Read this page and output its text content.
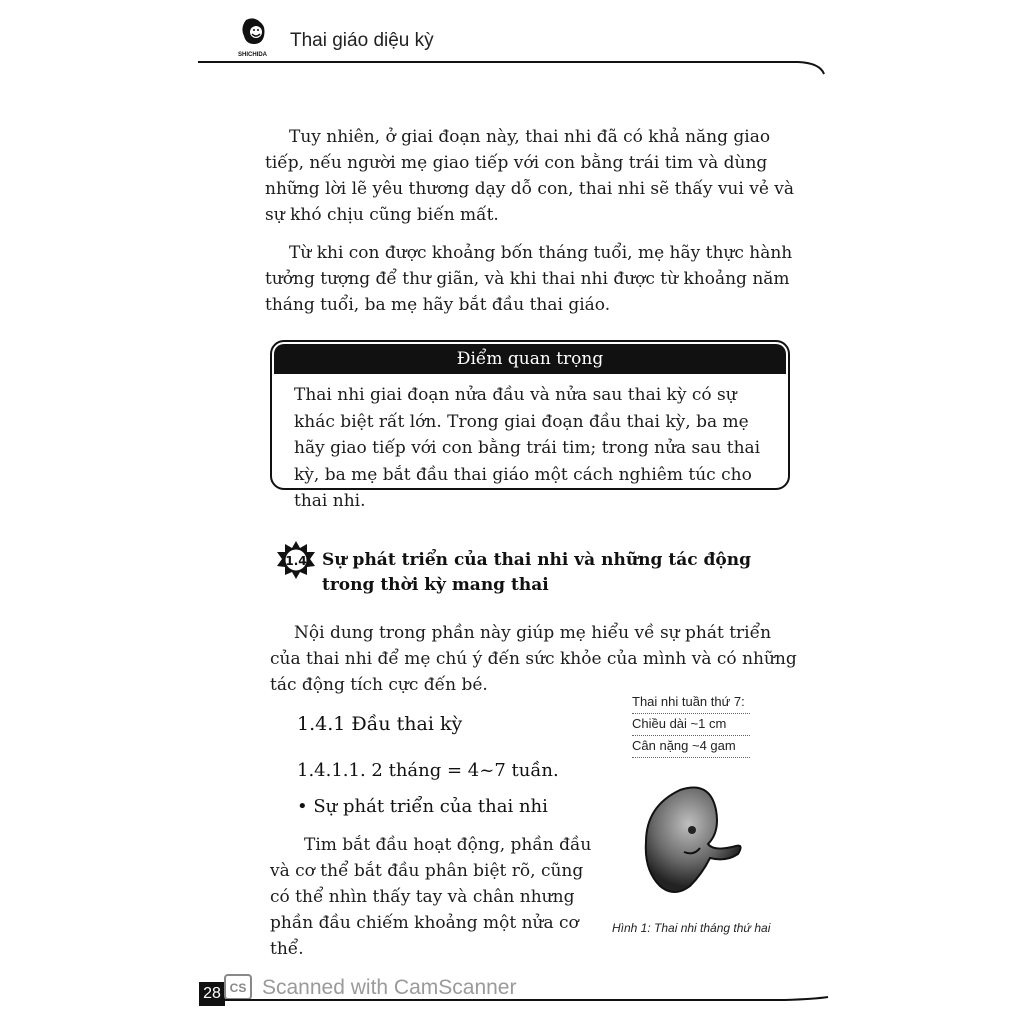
SHICHIDA
Thai giáo diệu kỳ
Tuy nhiên, ở giai đoạn này, thai nhi đã có khả năng giao tiếp, nếu người mẹ giao tiếp với con bằng trái tim và dùng những lời lẽ yêu thương dạy dỗ con, thai nhi sẽ thấy vui vẻ và sự khó chịu cũng biến mất.
Từ khi con được khoảng bốn tháng tuổi, mẹ hãy thực hành tưởng tượng để thư giãn, và khi thai nhi được từ khoảng năm tháng tuổi, ba mẹ hãy bắt đầu thai giáo.
Điểm quan trọng
Thai nhi giai đoạn nửa đầu và nửa sau thai kỳ có sự khác biệt rất lớn. Trong giai đoạn đầu thai kỳ, ba mẹ hãy giao tiếp với con bằng trái tim; trong nửa sau thai kỳ, ba mẹ bắt đầu thai giáo một cách nghiêm túc cho thai nhi.
1.4 Sự phát triển của thai nhi và những tác động trong thời kỳ mang thai
Nội dung trong phần này giúp mẹ hiểu về sự phát triển của thai nhi để mẹ chú ý đến sức khỏe của mình và có những tác động tích cực đến bé.
1.4.1 Đầu thai kỳ
1.4.1.1. 2 tháng = 4~7 tuần.
• Sự phát triển của thai nhi
Tim bắt đầu hoạt động, phần đầu và cơ thể bắt đầu phân biệt rõ, cũng có thể nhìn thấy tay và chân nhưng phần đầu chiếm khoảng một nửa cơ thể.
Thai nhi tuần thứ 7:
Chiều dài ~1 cm
Cân nặng ~4 gam
Hình 1: Thai nhi tháng thứ hai
28 CS Scanned with CamScanner
